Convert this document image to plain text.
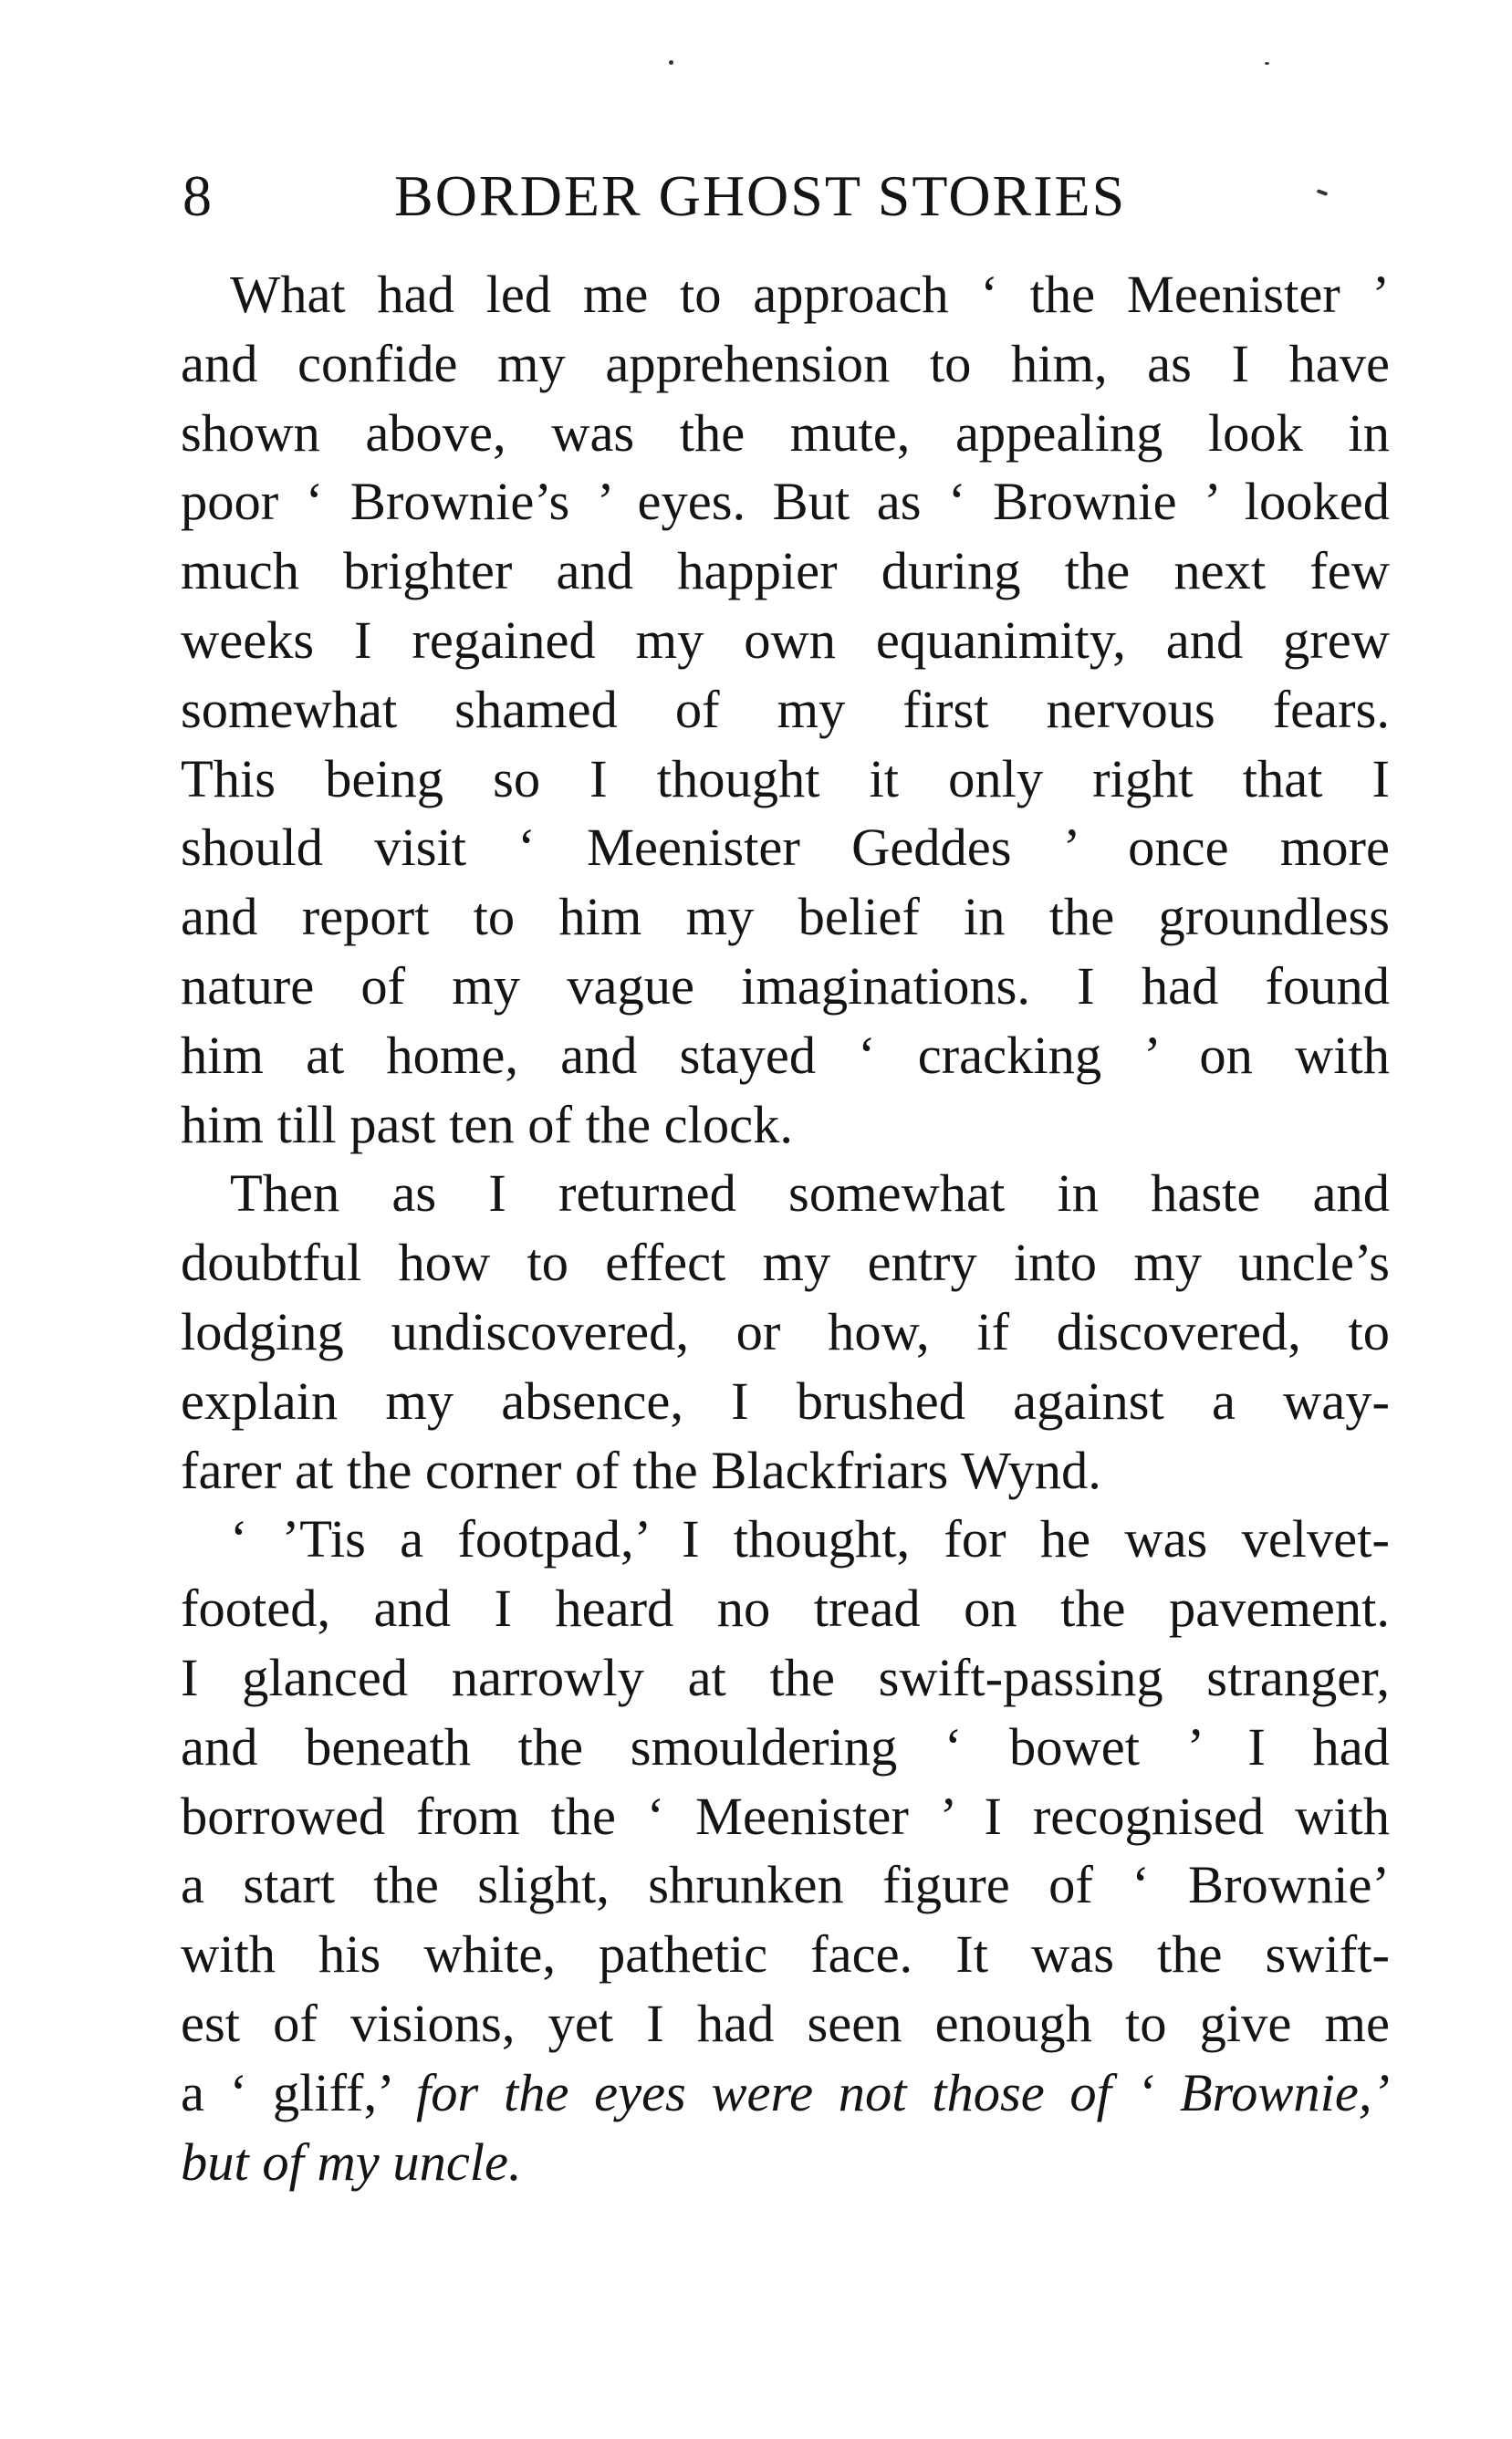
8	BORDER GHOST STORIES
What had led me to approach ‘ the Meenister ’
and confide my apprehension to him, as I have
shown above, was the mute, appealing look in
poor ‘ Brownie’s ’ eyes. But as ‘ Brownie ’ looked
much brighter and happier during the next few
weeks I regained my own equanimity, and grew
somewhat shamed of my first nervous fears.
This being so I thought it only right that I
should visit ‘ Meenister Geddes ’ once more
and report to him my belief in the groundless
nature of my vague imaginations. I had found
him at home, and stayed ‘ cracking ’ on with
him till past ten of the clock.
Then as I returned somewhat in haste and
doubtful how to effect my entry into my uncle’s
lodging undiscovered, or how, if discovered, to
explain my absence, I brushed against a way-
farer at the corner of the Blackfriars Wynd.
‘ ’Tis a footpad,’ I thought, for he was velvet-
footed, and I heard no tread on the pavement.
I glanced narrowly at the swift-passing stranger,
and beneath the smouldering ‘ bowet ’ I had
borrowed from the ‘ Meenister ’ I recognised with
a start the slight, shrunken figure of ‘ Brownie’
with his white, pathetic face. It was the swift-
est of visions, yet I had seen enough to give me
a ‘ gliff,’ for the eyes were not those of ‘ Brownie,’
but of my uncle.
